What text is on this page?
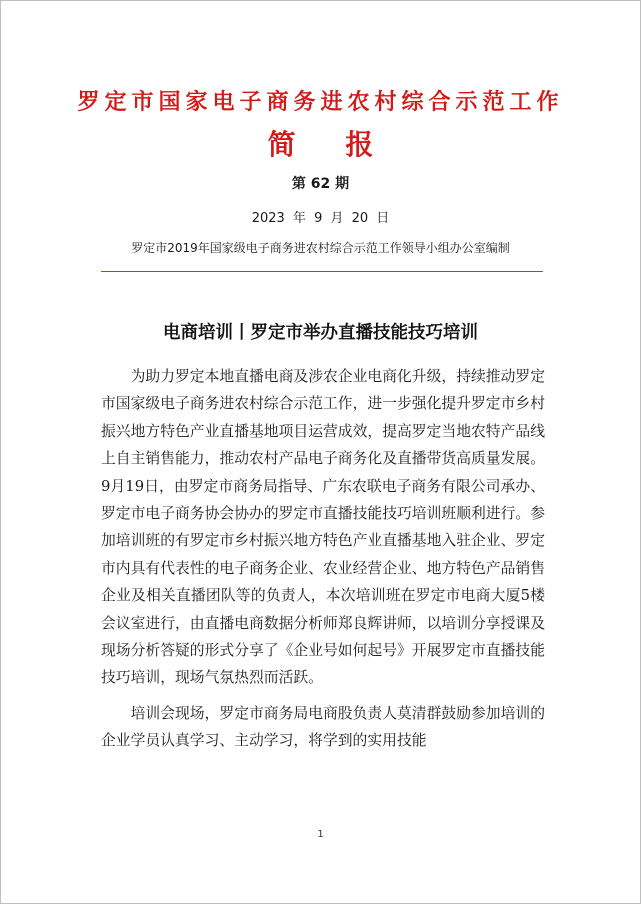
罗定市国家电子商务进农村综合示范工作
简 报
第 62 期
2023 年 9 月 20 日
罗定市2019年国家级电子商务进农村综合示范工作领导小组办公室编制
电商培训丨罗定市举办直播技能技巧培训

为助力罗定本地直播电商及涉农企业电商化升级，持续推动罗定市国家级电子商务进农村综合示范工作，进一步强化提升罗定市乡村振兴地方特色产业直播基地项目运营成效，提高罗定当地农特产品线上自主销售能力，推动农村产品电子商务化及直播带货高质量发展。9月19日，由罗定市商务局指导、广东农联电子商务有限公司承办、罗定市电子商务协会协办的罗定市直播技能技巧培训班顺利进行。参加培训班的有罗定市乡村振兴地方特色产业直播基地入驻企业、罗定市内具有代表性的电子商务企业、农业经营企业、地方特色产品销售企业及相关直播团队等的负责人，本次培训班在罗定市电商大厦5楼会议室进行，由直播电商数据分析师郑良辉讲师，以培训分享授课及现场分析答疑的形式分享了《企业号如何起号》开展罗定市直播技能技巧培训，现场气氛热烈而活跃。

培训会现场，罗定市商务局电商股负责人莫清群鼓励参加培训的企业学员认真学习、主动学习，将学到的实用技能

1
